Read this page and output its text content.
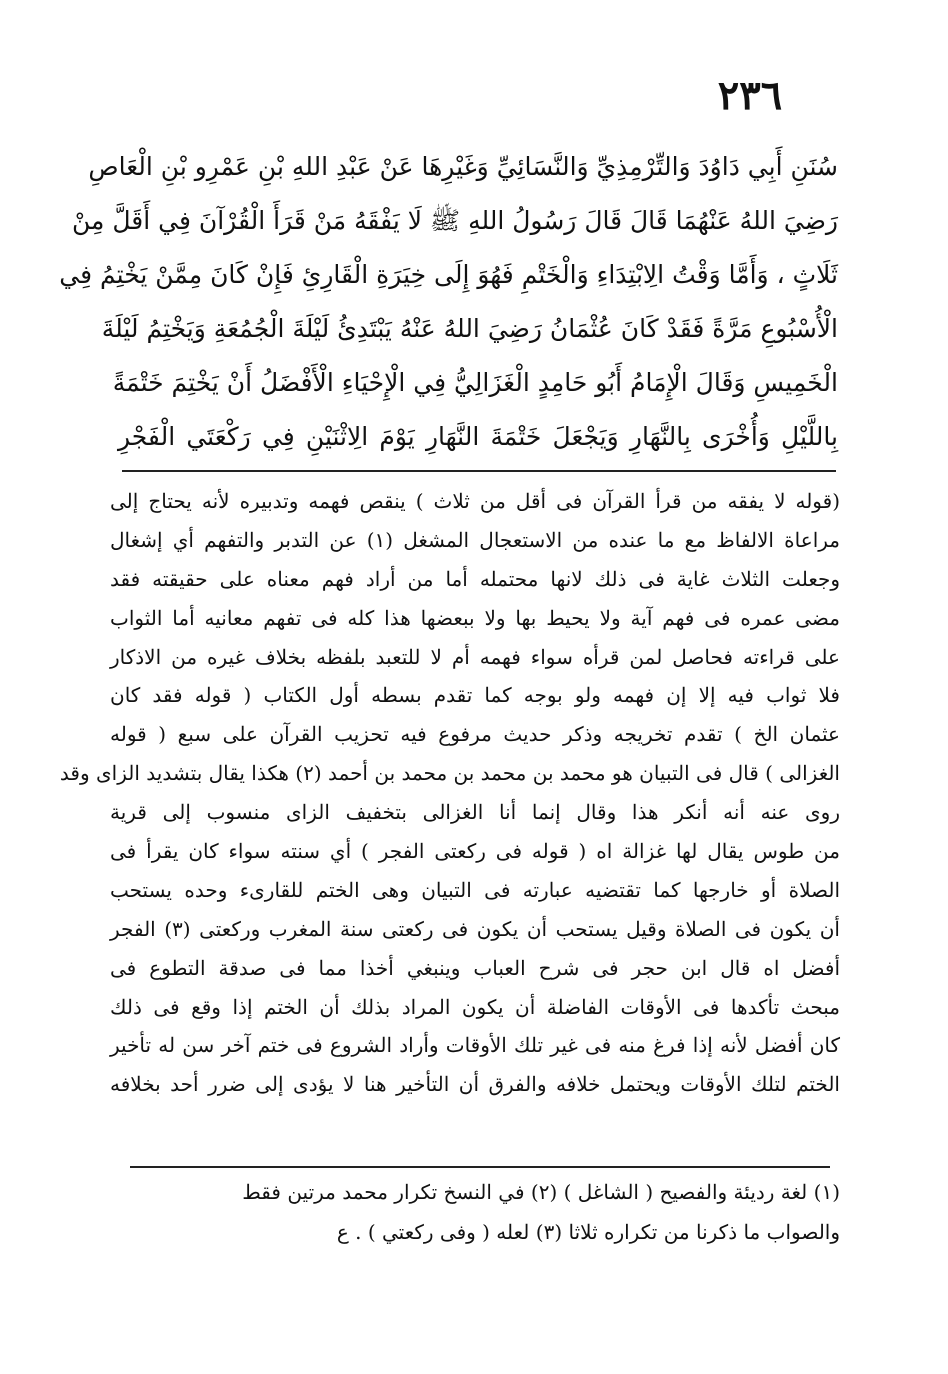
٢٣٦
سُنَنِ أَبِي دَاوُدَ وَالتِّرْمِذِيِّ وَالنَّسَائِيِّ وَغَيْرِهَا عَنْ عَبْدِ اللهِ بْنِ عَمْرِو بْنِ الْعَاصِ
رَضِيَ اللهُ عَنْهُمَا قَالَ قَالَ رَسُولُ اللهِ ﷺ لَا يَفْقَهُ مَنْ قَرَأَ الْقُرْآنَ فِي أَقَلَّ مِنْ
ثَلَاثٍ ، وَأَمَّا وَقْتُ الِابْتِدَاءِ وَالْخَتْمِ فَهُوَ إِلَى خِيَرَةِ الْقَارِئِ فَإِنْ كَانَ مِمَّنْ يَخْتِمُ فِي
الْأُسْبُوعِ مَرَّةً فَقَدْ كَانَ عُثْمَانُ رَضِيَ اللهُ عَنْهُ يَبْتَدِئُ لَيْلَةَ الْجُمُعَةِ وَيَخْتِمُ لَيْلَةَ
الْخَمِيسِ وَقَالَ الْإِمَامُ أَبُو حَامِدٍ الْغَزَالِيُّ فِي الْإِحْيَاءِ الْأَفْضَلُ أَنْ يَخْتِمَ خَتْمَةً
بِاللَّيْلِ وَأُخْرَى بِالنَّهَارِ وَيَجْعَلَ خَتْمَةَ النَّهَارِ يَوْمَ الِاثْنَيْنِ فِي رَكْعَتَي الْفَجْرِ
(قوله لا يفقه من قرأ القرآن فى أقل من ثلاث ) ينقص فهمه وتدبيره لأنه يحتاج إلى
مراعاة الالفاظ مع ما عنده من الاستعجال المشغل (١) عن التدبر والتفهم أي إشغال
وجعلت الثلاث غاية فى ذلك لانها محتمله أما من أراد فهم معناه على حقيقته فقد
مضى عمره فى فهم آية ولا يحيط بها ولا ببعضها هذا كله فى تفهم معانيه أما الثواب
على قراءته فحاصل لمن قرأه سواء فهمه أم لا للتعبد بلفظه بخلاف غيره من الاذكار
فلا ثواب فيه إلا إن فهمه ولو بوجه كما تقدم بسطه أول الكتاب ( قوله فقد كان
عثمان الخ ) تقدم تخريجه وذكر حديث مرفوع فيه تحزيب القرآن على سبع ( قوله
الغزالى ) قال فى التبيان هو محمد بن محمد بن محمد بن أحمد (٢) هكذا يقال بتشديد الزاى وقد
روى عنه أنه أنكر هذا وقال إنما أنا الغزالى بتخفيف الزاى منسوب إلى قرية
من طوس يقال لها غزالة اه ( قوله فى ركعتى الفجر ) أي سنته سواء كان يقرأ فى
الصلاة أو خارجها كما تقتضيه عبارته فى التبيان وهى الختم للقارىء وحده يستحب
أن يكون فى الصلاة وقيل يستحب أن يكون فى ركعتى سنة المغرب وركعتى (٣) الفجر
أفضل اه قال ابن حجر فى شرح العباب وينبغي أخذا مما فى صدقة التطوع فى
مبحث تأكدها فى الأوقات الفاضلة أن يكون المراد بذلك أن الختم إذا وقع فى ذلك
كان أفضل لأنه إذا فرغ منه فى غير تلك الأوقات وأراد الشروع فى ختم آخر سن له تأخير
الختم لتلك الأوقات ويحتمل خلافه والفرق أن التأخير هنا لا يؤدى إلى ضرر أحد بخلافه
(١) لغة رديئة والفصيح ( الشاغل ) (٢) في النسخ تكرار محمد مرتين فقط
والصواب ما ذكرنا من تكراره ثلاثا (٣) لعله ( وفى ركعتي ) . ع
